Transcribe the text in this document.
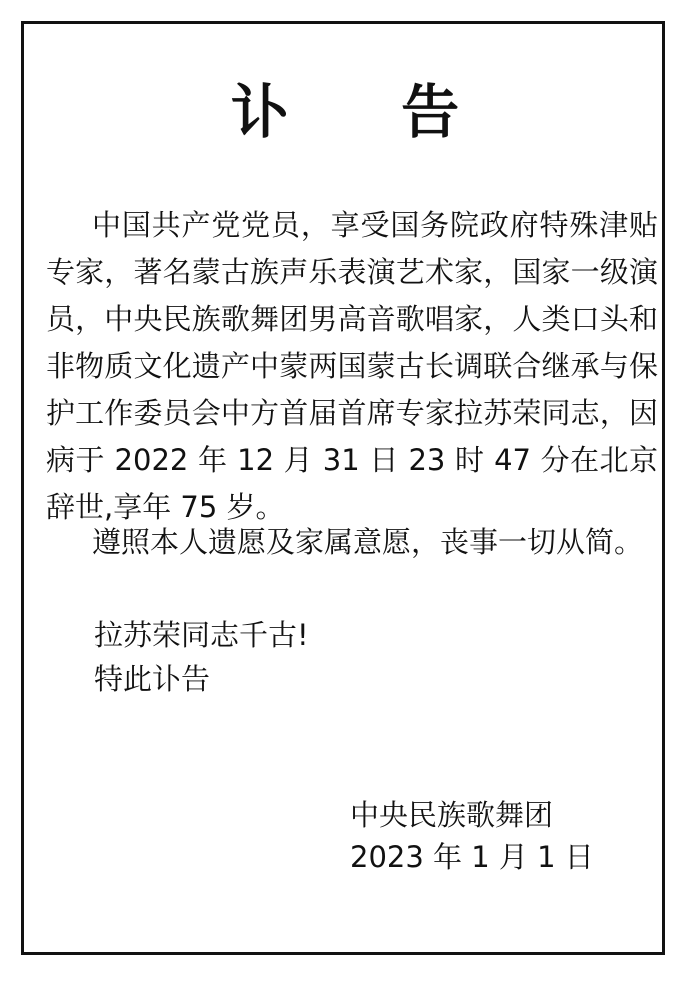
讣 告
中国共产党党员，享受国务院政府特殊津贴专家，著名蒙古族声乐表演艺术家，国家一级演员，中央民族歌舞团男高音歌唱家，人类口头和非物质文化遗产中蒙两国蒙古长调联合继承与保护工作委员会中方首届首席专家拉苏荣同志，因病于 2022 年 12 月 31 日 23 时 47 分在北京辞世,享年 75 岁。
遵照本人遗愿及家属意愿，丧事一切从简。
拉苏荣同志千古!
特此讣告
中央民族歌舞团
2023 年 1 月 1 日
